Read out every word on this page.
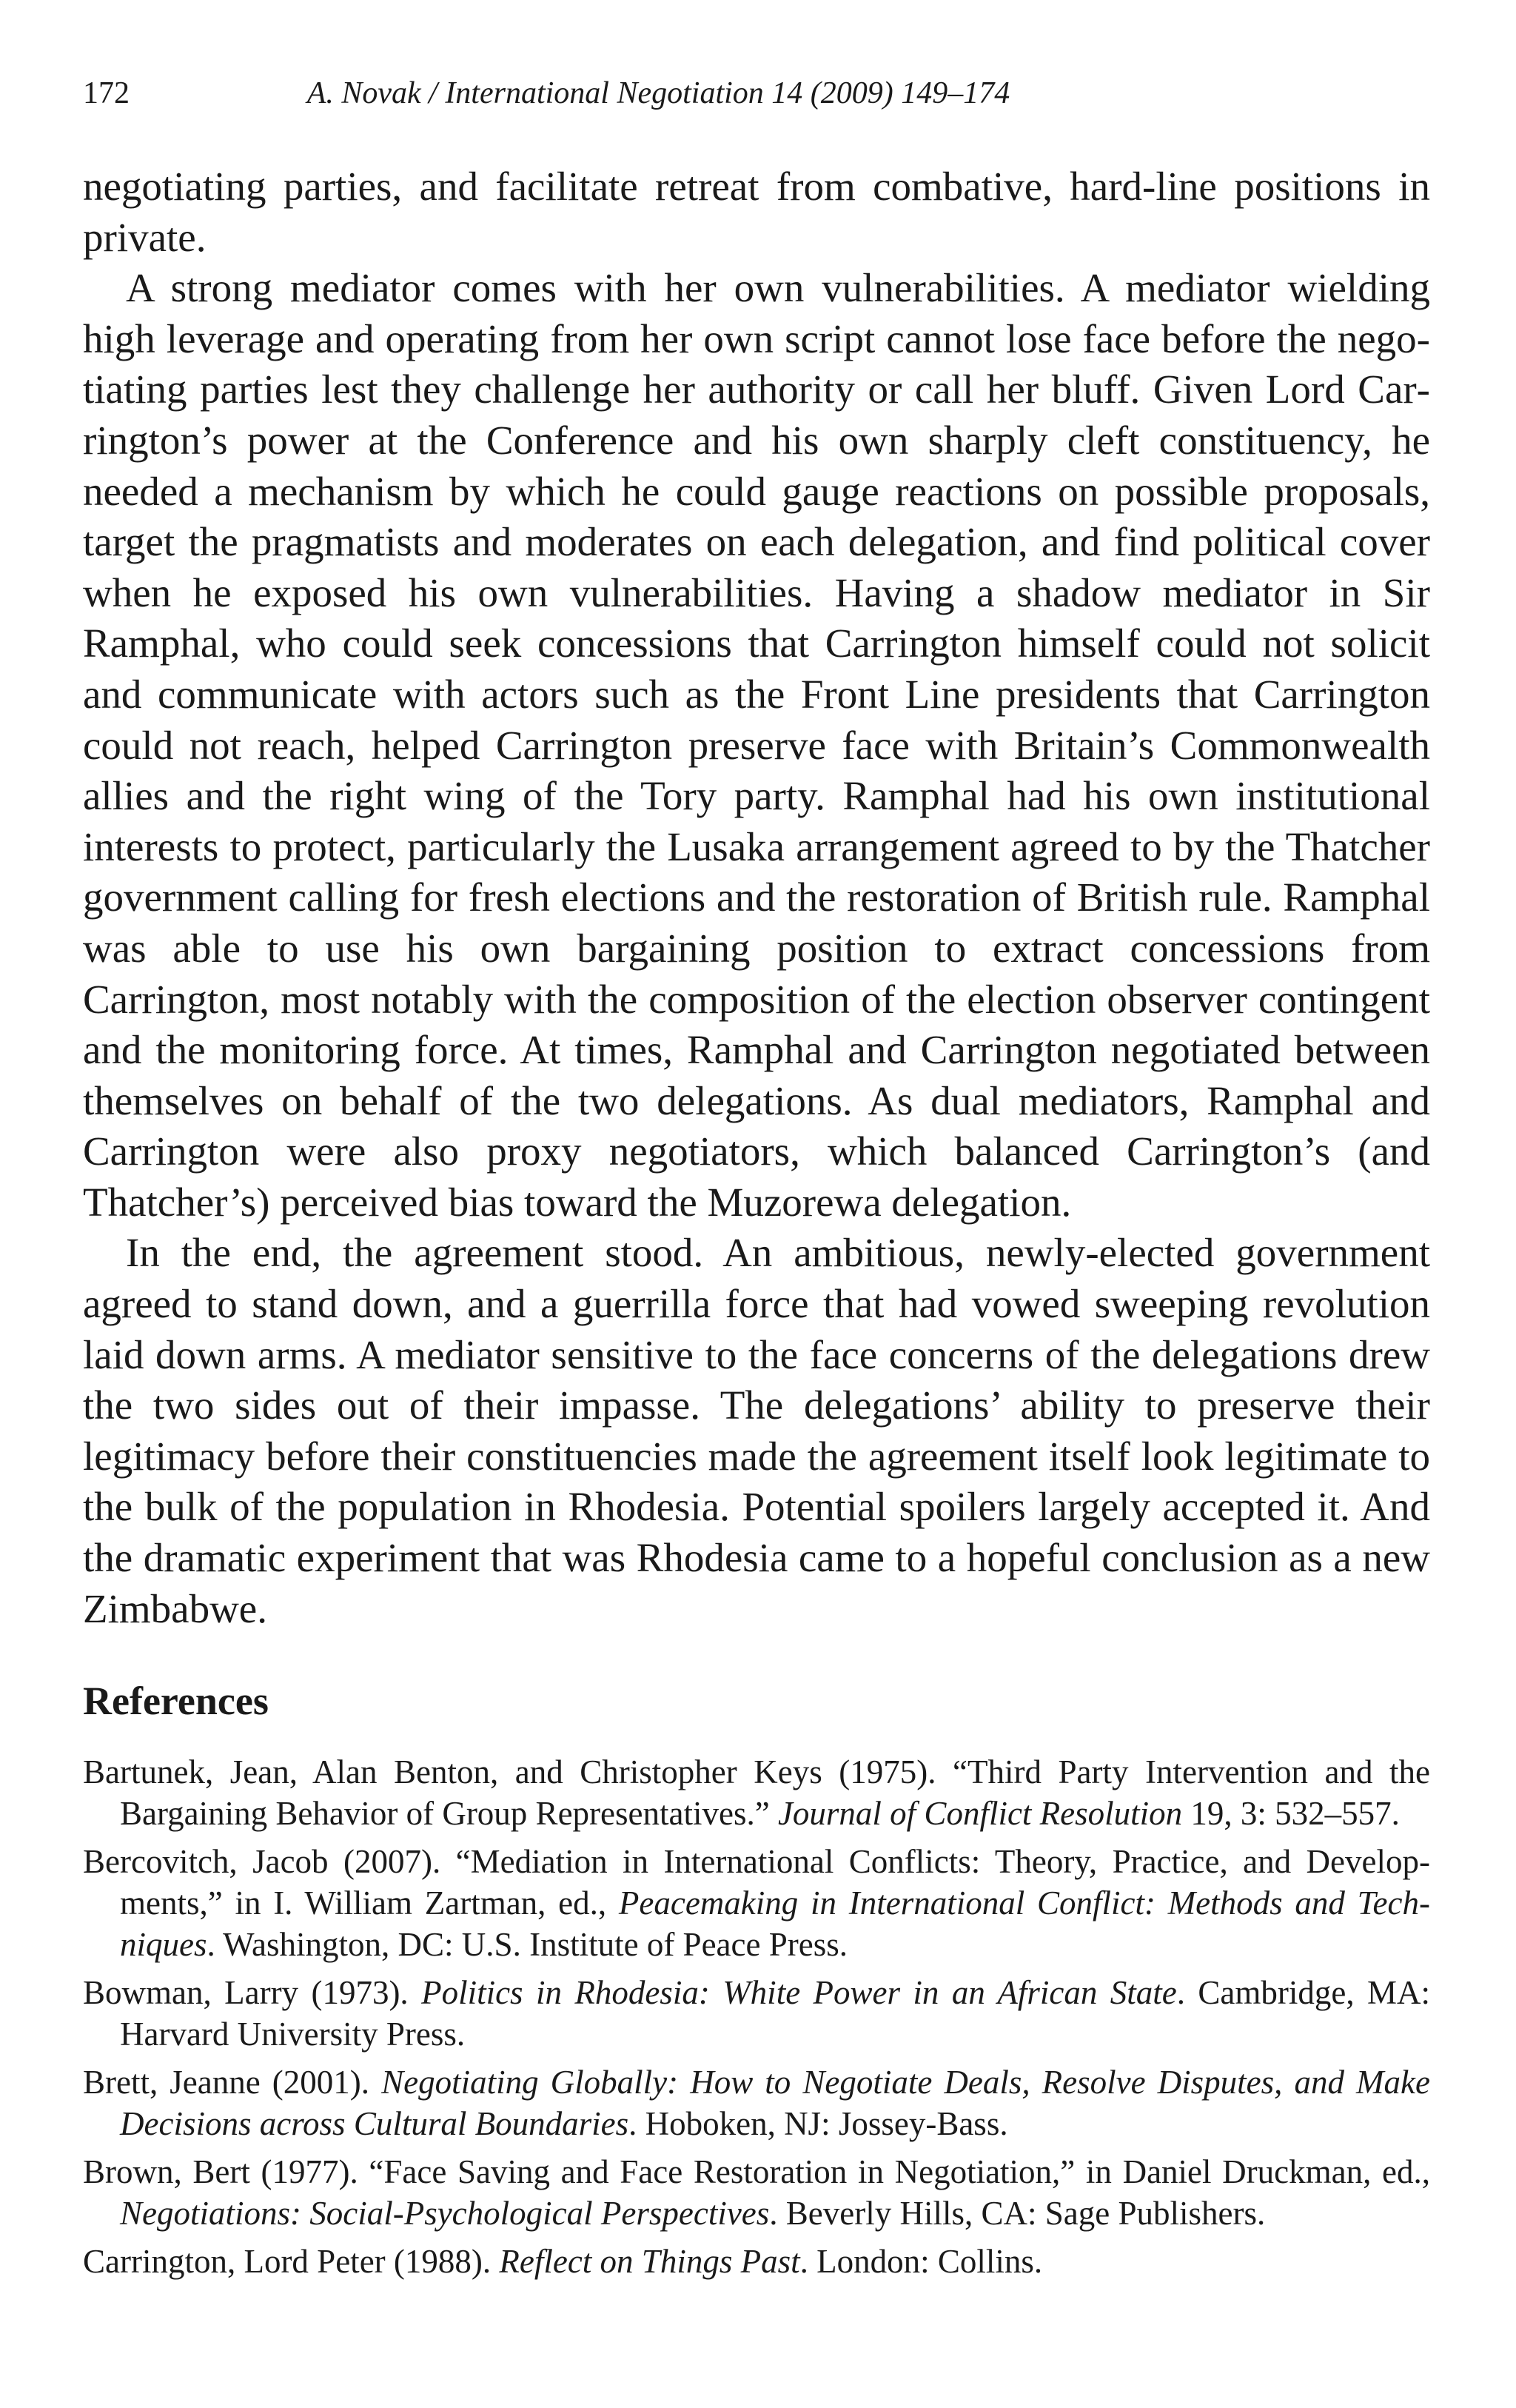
172	A. Novak / International Negotiation 14 (2009) 149–174

negotiating parties, and facilitate retreat from combative, hard-line positions in private.

A strong mediator comes with her own vulnerabilities. A mediator wielding high leverage and operating from her own script cannot lose face before the negotiating parties lest they challenge her authority or call her bluff. Given Lord Carrington’s power at the Conference and his own sharply cleft constituency, he needed a mechanism by which he could gauge reactions on possible proposals, target the pragmatists and moderates on each delegation, and find political cover when he exposed his own vulnerabilities. Having a shadow mediator in Sir Ramphal, who could seek concessions that Carrington himself could not solicit and communicate with actors such as the Front Line presidents that Carrington could not reach, helped Carrington preserve face with Britain’s Commonwealth allies and the right wing of the Tory party. Ramphal had his own institutional interests to protect, particularly the Lusaka arrangement agreed to by the Thatcher government calling for fresh elections and the restoration of British rule. Ramphal was able to use his own bargaining position to extract concessions from Carrington, most notably with the composition of the election observer contingent and the monitoring force. At times, Ramphal and Carrington negotiated between themselves on behalf of the two delegations. As dual mediators, Ramphal and Carrington were also proxy negotiators, which balanced Carrington’s (and Thatcher’s) perceived bias toward the Muzorewa delegation.

In the end, the agreement stood. An ambitious, newly-elected government agreed to stand down, and a guerrilla force that had vowed sweeping revolution laid down arms. A mediator sensitive to the face concerns of the delegations drew the two sides out of their impasse. The delegations’ ability to preserve their legitimacy before their constituencies made the agreement itself look legitimate to the bulk of the population in Rhodesia. Potential spoilers largely accepted it. And the dramatic experiment that was Rhodesia came to a hopeful conclusion as a new Zimbabwe.

References

Bartunek, Jean, Alan Benton, and Christopher Keys (1975). “Third Party Intervention and the Bargaining Behavior of Group Representatives.” Journal of Conflict Resolution 19, 3: 532–557.

Bercovitch, Jacob (2007). “Mediation in International Conflicts: Theory, Practice, and Developments,” in I. William Zartman, ed., Peacemaking in International Conflict: Methods and Techniques. Washington, DC: U.S. Institute of Peace Press.

Bowman, Larry (1973). Politics in Rhodesia: White Power in an African State. Cambridge, MA: Harvard University Press.

Brett, Jeanne (2001). Negotiating Globally: How to Negotiate Deals, Resolve Disputes, and Make Decisions across Cultural Boundaries. Hoboken, NJ: Jossey-Bass.

Brown, Bert (1977). “Face Saving and Face Restoration in Negotiation,” in Daniel Druckman, ed., Negotiations: Social-Psychological Perspectives. Beverly Hills, CA: Sage Publishers.

Carrington, Lord Peter (1988). Reflect on Things Past. London: Collins.
